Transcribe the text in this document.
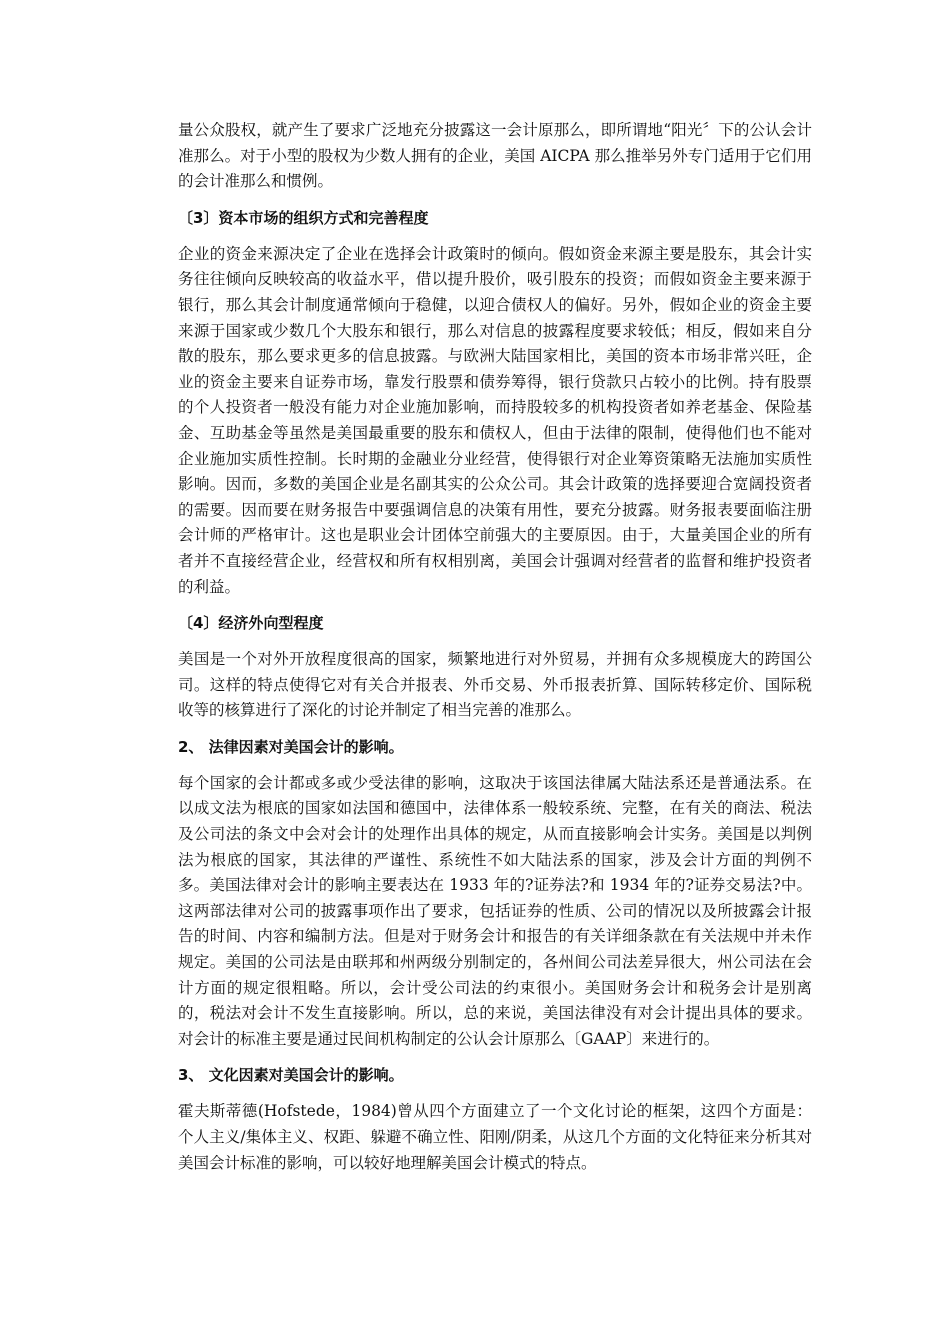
量公众股权，就产生了要求广泛地充分披露这一会计原那么，即所谓地“阳光〞下的公认会计准那么。对于小型的股权为少数人拥有的企业，美国 AICPA 那么推举另外专门适用于它们用的会计准那么和惯例。

〔3〕资本市场的组织方式和完善程度

企业的资金来源决定了企业在选择会计政策时的倾向。假如资金来源主要是股东，其会计实务往往倾向反映较高的收益水平，借以提升股价，吸引股东的投资；而假如资金主要来源于银行，那么其会计制度通常倾向于稳健，以迎合债权人的偏好。另外，假如企业的资金主要来源于国家或少数几个大股东和银行，那么对信息的披露程度要求较低；相反，假如来自分散的股东，那么要求更多的信息披露。与欧洲大陆国家相比，美国的资本市场非常兴旺，企业的资金主要来自证券市场，靠发行股票和债券筹得，银行贷款只占较小的比例。持有股票的个人投资者一般没有能力对企业施加影响，而持股较多的机构投资者如养老基金、保险基金、互助基金等虽然是美国最重要的股东和债权人，但由于法律的限制，使得他们也不能对企业施加实质性控制。长时期的金融业分业经营，使得银行对企业筹资策略无法施加实质性影响。因而，多数的美国企业是名副其实的公众公司。其会计政策的选择要迎合宽阔投资者的需要。因而要在财务报告中要强调信息的决策有用性，要充分披露。财务报表要面临注册会计师的严格审计。这也是职业会计团体空前强大的主要原因。由于，大量美国企业的所有者并不直接经营企业，经营权和所有权相别离，美国会计强调对经营者的监督和维护投资者的利益。

〔4〕经济外向型程度

美国是一个对外开放程度很高的国家，频繁地进行对外贸易，并拥有众多规模庞大的跨国公司。这样的特点使得它对有关合并报表、外币交易、外币报表折算、国际转移定价、国际税收等的核算进行了深化的讨论并制定了相当完善的准那么。

2、 法律因素对美国会计的影响。

每个国家的会计都或多或少受法律的影响，这取决于该国法律属大陆法系还是普通法系。在以成文法为根底的国家如法国和德国中，法律体系一般较系统、完整，在有关的商法、税法及公司法的条文中会对会计的处理作出具体的规定，从而直接影响会计实务。美国是以判例法为根底的国家，其法律的严谨性、系统性不如大陆法系的国家，涉及会计方面的判例不多。美国法律对会计的影响主要表达在 1933 年的?证券法?和 1934 年的?证券交易法?中。这两部法律对公司的披露事项作出了要求，包括证券的性质、公司的情况以及所披露会计报告的时间、内容和编制方法。但是对于财务会计和报告的有关详细条款在有关法规中并未作规定。美国的公司法是由联邦和州两级分别制定的，各州间公司法差异很大，州公司法在会计方面的规定很粗略。所以，会计受公司法的约束很小。美国财务会计和税务会计是别离的，税法对会计不发生直接影响。所以，总的来说，美国法律没有对会计提出具体的要求。对会计的标准主要是通过民间机构制定的公认会计原那么〔GAAP〕来进行的。

3、 文化因素对美国会计的影响。

霍夫斯蒂德(Hofstede，1984)曾从四个方面建立了一个文化讨论的框架，这四个方面是：个人主义/集体主义、权距、躲避不确立性、阳刚/阴柔，从这几个方面的文化特征来分析其对美国会计标准的影响，可以较好地理解美国会计模式的特点。
